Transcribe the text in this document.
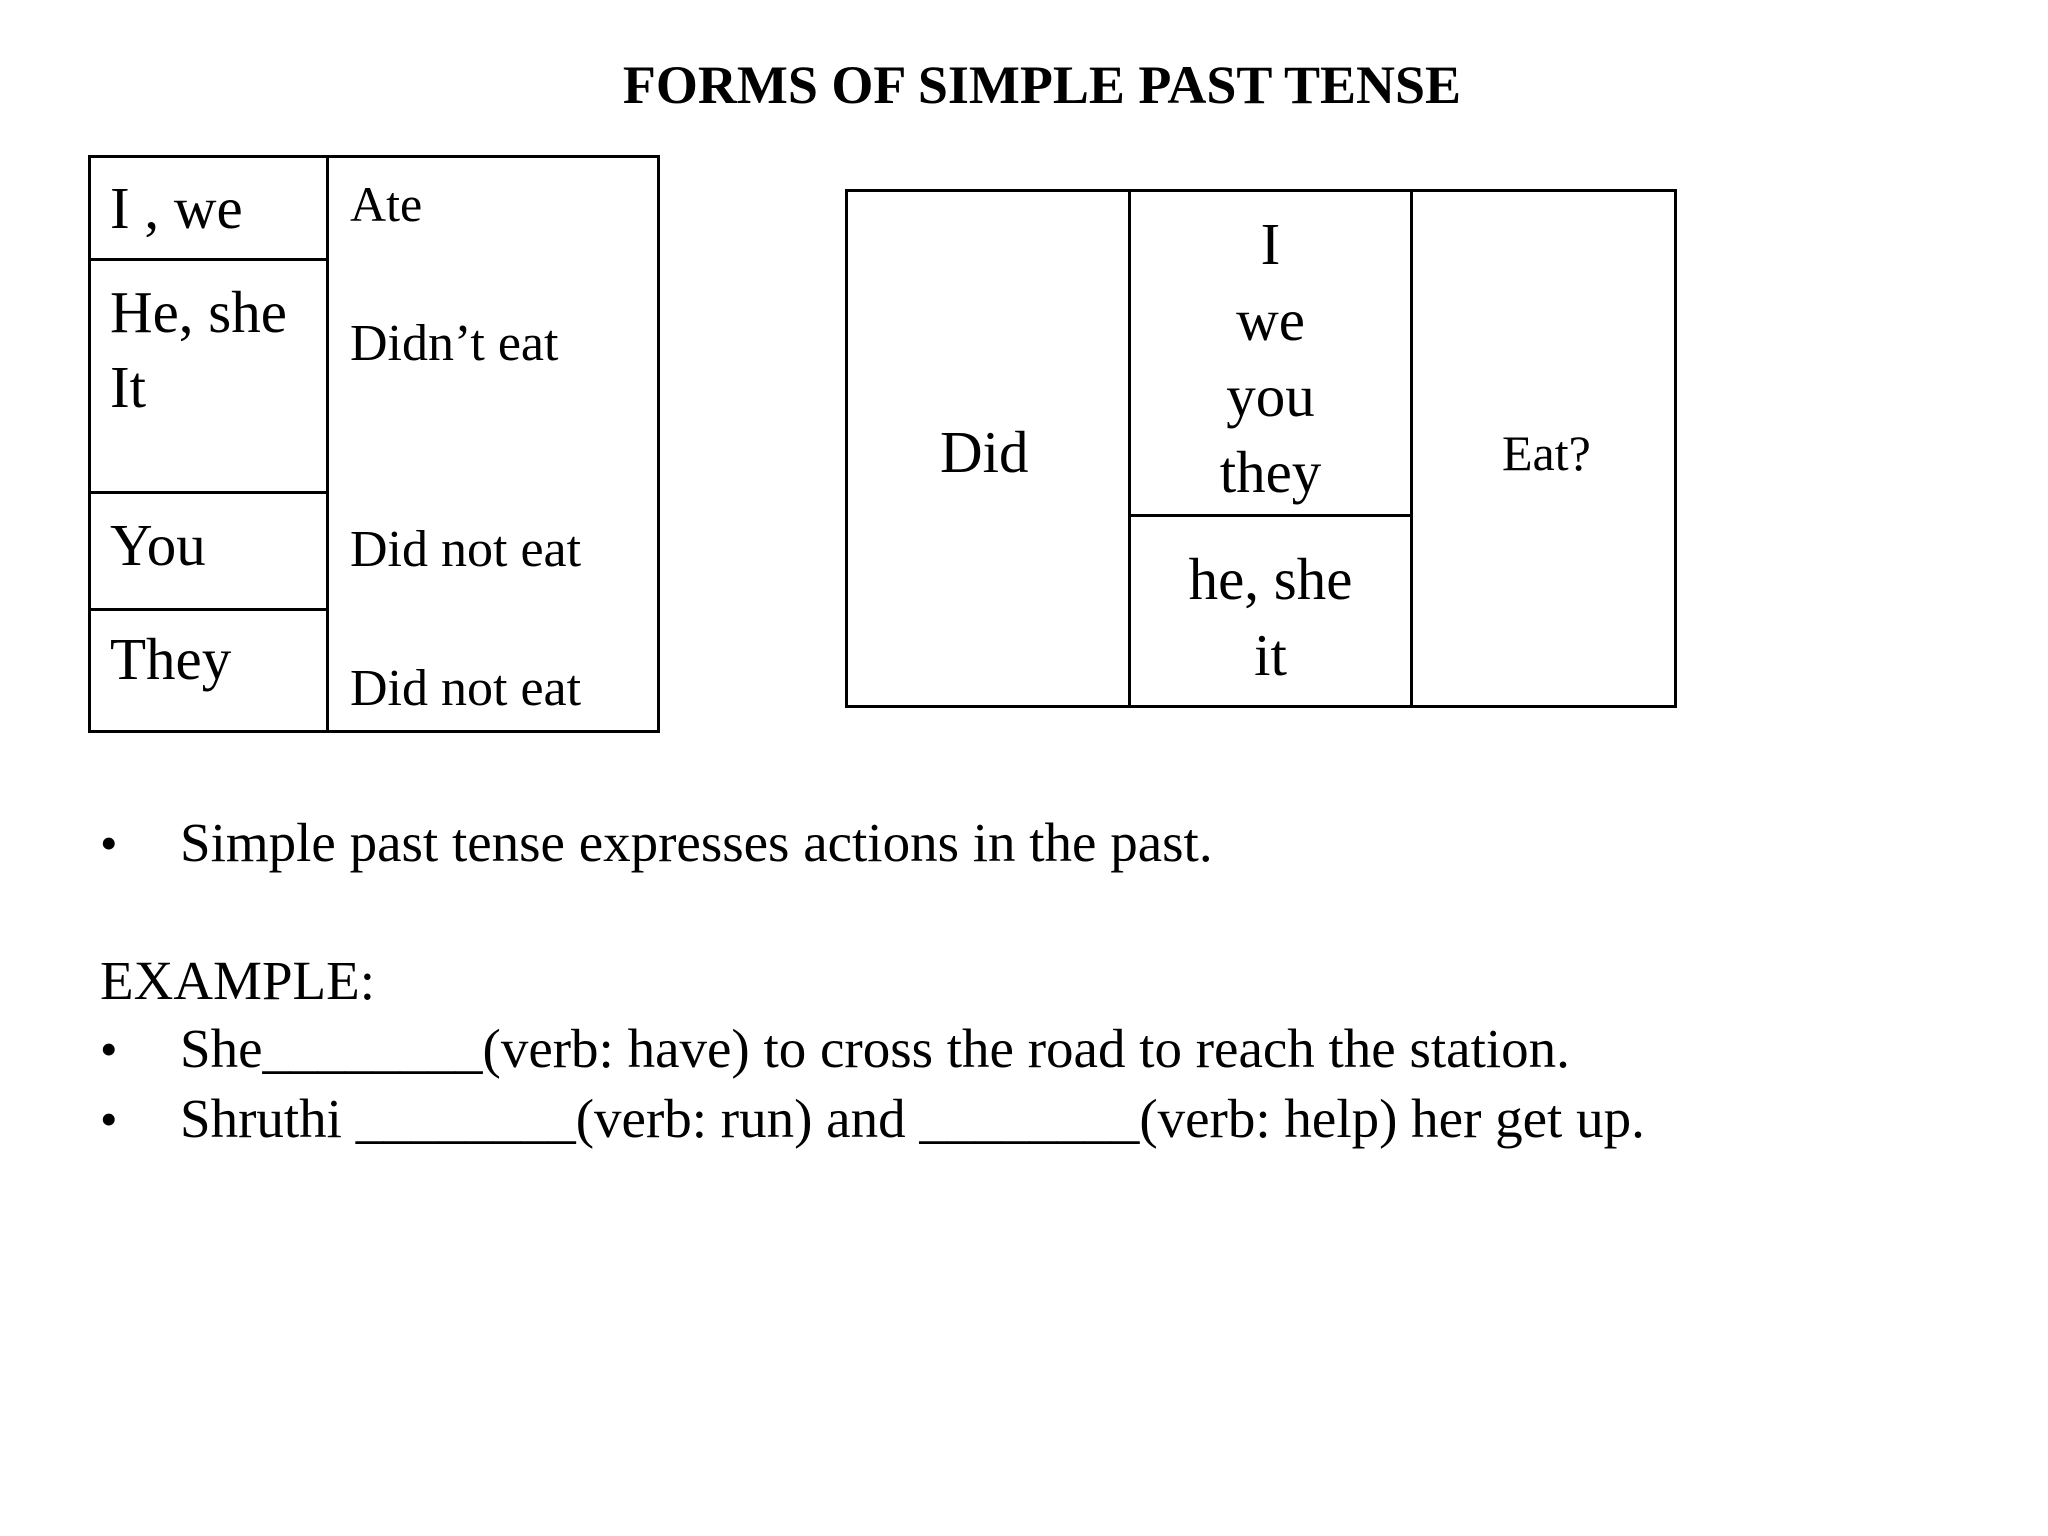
FORMS OF SIMPLE PAST TENSE
I , we
He, she
It
You
They
Ate
Didn’t eat
Did not eat
Did not eat
Did
I
we
you
they
he, she
it
Eat?
• Simple past tense expresses actions in the past.
EXAMPLE:
• She________(verb: have) to cross the road to reach the station.
• Shruthi ________(verb: run) and ________(verb: help) her get up.
